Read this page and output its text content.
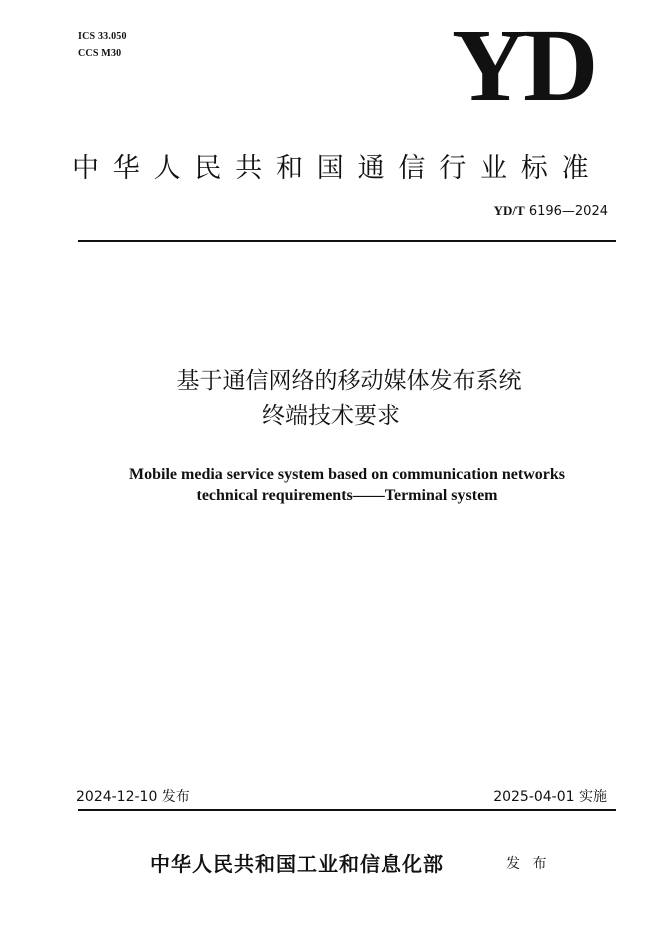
ICS 33.050
CCS M30	YD
中华人民共和国通信行业标准
YD/T 6196—2024
基于通信网络的移动媒体发布系统
终端技术要求
Mobile media service system based on communication networks
technical requirements——Terminal system
2024-12-10 发布	2025-04-01 实施
中华人民共和国工业和信息化部	发 布
